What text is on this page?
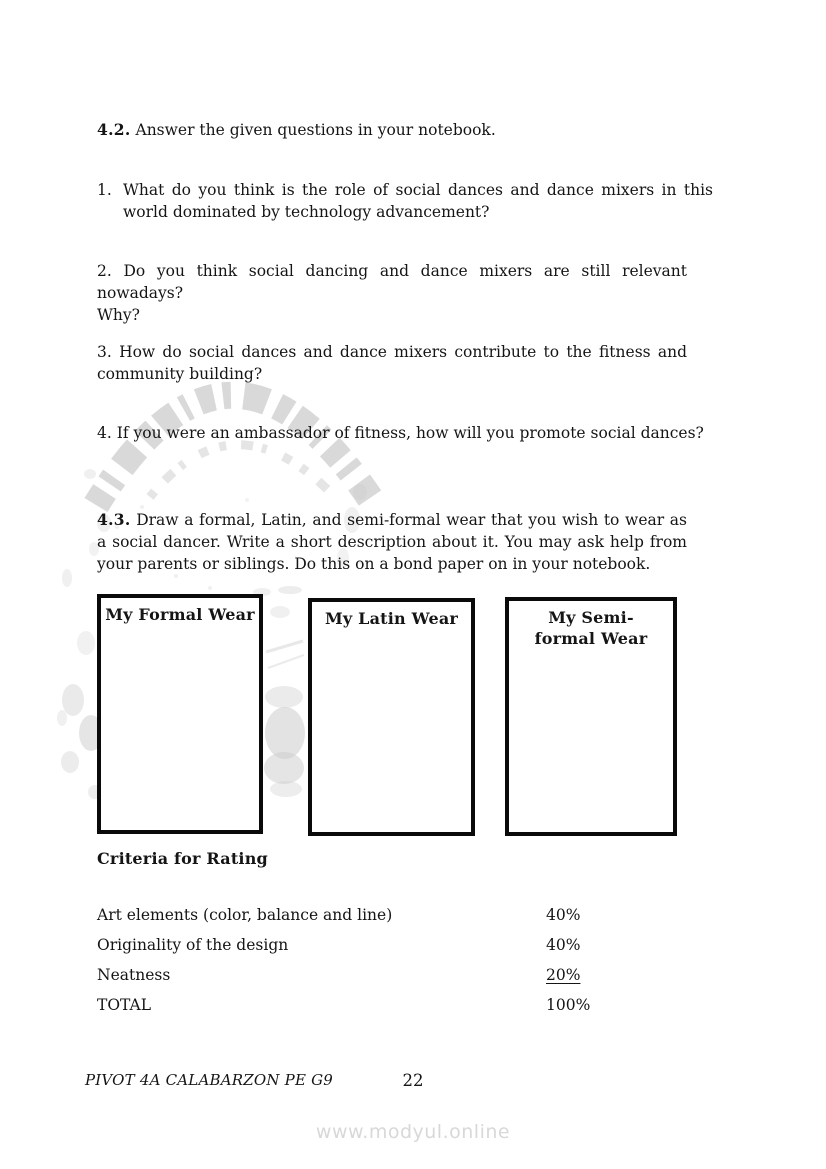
4.2. Answer the given questions in your notebook.
1. What do you think is the role of social dances and dance mixers in this world dominated by technology advancement?
2. Do you think social dancing and dance mixers are still relevant nowadays?
Why?
3. How do social dances and dance mixers contribute to the fitness and community building?
4. If you were an ambassador of fitness, how will you promote social dances?
4.3. Draw a formal, Latin, and semi-formal wear that you wish to wear as a social dancer. Write a short description about it. You may ask help from your parents or siblings. Do this on a bond paper on in your notebook.
My Formal Wear	My Latin Wear	My Semi-formal Wear
Criteria for Rating
Art elements (color, balance and line)	40%
Originality of the design	40%
Neatness	20%
TOTAL	100%
PIVOT 4A CALABARZON PE G9	22
www.modyul.online
